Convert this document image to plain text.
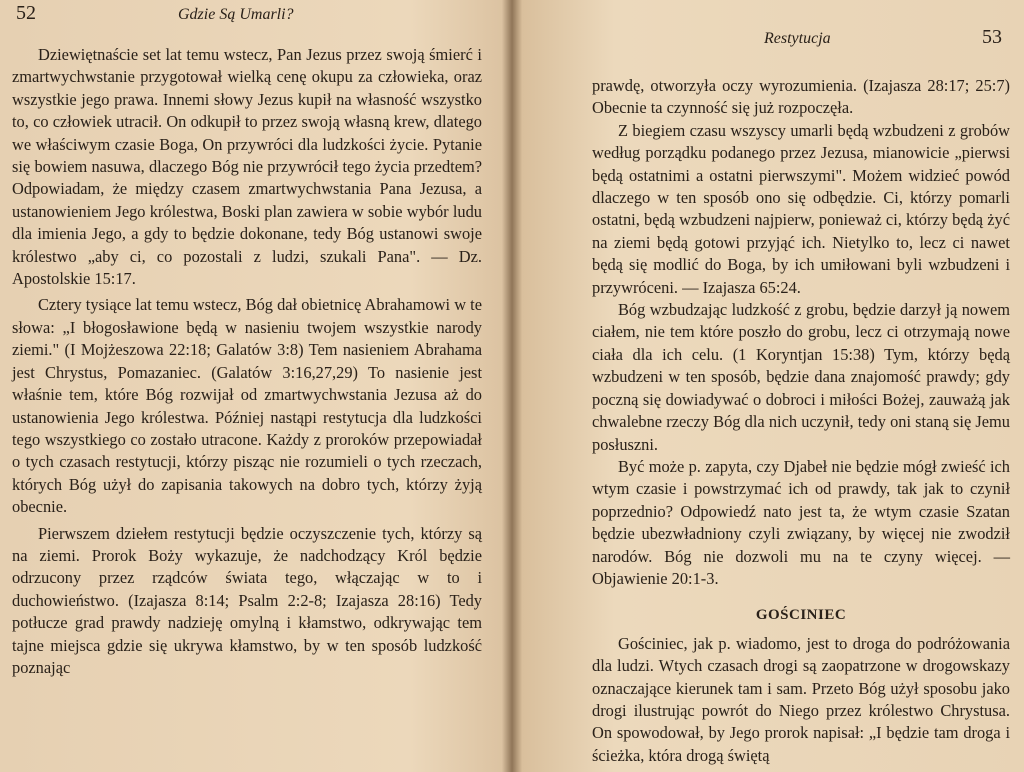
52	Gdzie Są Umarli?

Dziewiętnaście set lat temu wstecz, Pan Jezus przez swoją śmierć i zmartwychwstanie przygotował wielką cenę okupu za człowieka, oraz wszystkie jego prawa. Innemi słowy Jezus kupił na własność wszystko to, co człowiek utracił. On odkupił to przez swoją własną krew, dlatego we właściwym czasie Boga, On przywróci dla ludzkości życie. Pytanie się bowiem nasuwa, dlaczego Bóg nie przywrócił tego życia przedtem? Odpowiadam, że między czasem zmartwychwstania Pana Jezusa, a ustanowieniem Jego królestwa, Boski plan zawiera w sobie wybór ludu dla imienia Jego, a gdy to będzie dokonane, tedy Bóg ustanowi swoje królestwo „aby ci, co pozostali z ludzi, szukali Pana". — Dz. Apostolskie 15:17.

Cztery tysiące lat temu wstecz, Bóg dał obietnicę Abrahamowi w te słowa: „I błogosławione będą w nasieniu twojem wszystkie narody ziemi." (I Mojżeszowa 22:18; Galatów 3:8) Tem nasieniem Abrahama jest Chrystus, Pomazaniec. (Galatów 3:16,27,29) To nasienie jest właśnie tem, które Bóg rozwijał od zmartwychwstania Jezusa aż do ustanowienia Jego królestwa. Później nastąpi restytucja dla ludzkości tego wszystkiego co zostało utracone. Każdy z proroków przepowiadał o tych czasach restytucji, którzy pisząc nie rozumieli o tych rzeczach, których Bóg użył do zapisania takowych na dobro tych, którzy żyją obecnie.

Pierwszem dziełem restytucji będzie oczyszczenie tych, którzy są na ziemi. Prorok Boży wykazuje, że nadchodzący Król będzie odrzucony przez rządców świata tego, włączając w to i duchowieństwo. (Izajasza 8:14; Psalm 2:2-8; Izajasza 28:16) Tedy potłucze grad prawdy nadzieję omylną i kłamstwo, odkrywając tem tajne miejsca gdzie się ukrywa kłamstwo, by w ten sposób ludzkość poznając

Restytucja	53

prawdę, otworzyła oczy wyrozumienia. (Izajasza 28:17; 25:7) Obecnie ta czynność się już rozpoczęła.

Z biegiem czasu wszyscy umarli będą wzbudzeni z grobów według porządku podanego przez Jezusa, mianowicie „pierwsi będą ostatnimi a ostatni pierwszymi". Możem widzieć powód dlaczego w ten sposób ono się odbędzie. Ci, którzy pomarli ostatni, będą wzbudzeni najpierw, ponieważ ci, którzy będą żyć na ziemi będą gotowi przyjąć ich. Nietylko to, lecz ci nawet będą się modlić do Boga, by ich umiłowani byli wzbudzeni i przywróceni. — Izajasza 65:24.

Bóg wzbudzając ludzkość z grobu, będzie darzył ją nowem ciałem, nie tem które poszło do grobu, lecz ci otrzymają nowe ciała dla ich celu. (1 Koryntjan 15:38) Tym, którzy będą wzbudzeni w ten sposób, będzie dana znajomość prawdy; gdy poczną się dowiadywać o dobroci i miłości Bożej, zauważą jak chwalebne rzeczy Bóg dla nich uczynił, tedy oni staną się Jemu posłuszni.

Być może p. zapyta, czy Djabeł nie będzie mógł zwieść ich wtym czasie i powstrzymać ich od prawdy, tak jak to czynił poprzednio? Odpowiedź nato jest ta, że wtym czasie Szatan będzie ubezwładniony czyli związany, by więcej nie zwodził narodów. Bóg nie dozwoli mu na te czyny więcej. — Objawienie 20:1-3.

GOŚCINIEC

Gościniec, jak p. wiadomo, jest to droga do podróżowania dla ludzi. Wtych czasach drogi są zaopatrzone w drogowskazy oznaczające kierunek tam i sam. Przeto Bóg użył sposobu jako drogi ilustrując powrót do Niego przez królestwo Chrystusa. On spowodował, by Jego prorok napisał: „I będzie tam droga i ścieżka, która drogą świętą
